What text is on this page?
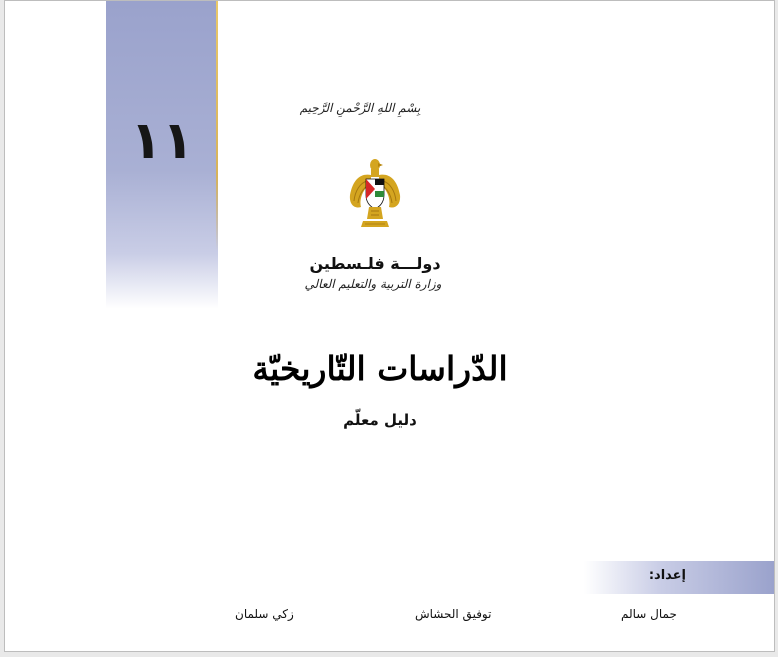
١١
بِسْمِ اللهِ الرَّحْمنِ الرَّحِيم
دولـــة فلـسطين
وزارة التربية والتعليم العالي
الدّراسات التّاريخيّة
دليل معلّم
إعداد:
جمال سالم
توفيق الحشاش
زكي سلمان
